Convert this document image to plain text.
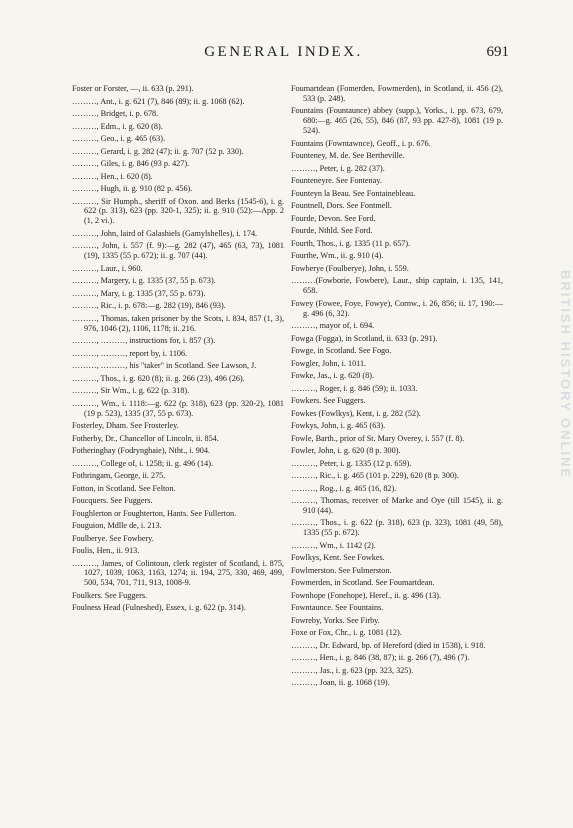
GENERAL INDEX.	691
Foster or Forster, —, ii. 633 (p. 291).
………, Ant., i. g. 621 (7), 846 (89); ii. g. 1068 (62).
………, Bridget, i. p. 678.
………, Edm., i. g. 620 (8).
………, Geo., i. g. 465 (63).
………, Gerard, i. g. 282 (47); ii. g. 707 (52 p. 330).
………, Giles, i. g. 846 (93 p. 427).
………, Hen., i. 620 (8).
………, Hugh, ii. g. 910 (82 p. 456).
………, Sir Humph., sheriff of Oxon. and Berks (1545-6), i. g. 622 (p. 313), 623 (pp. 320-1, 325); ii. g. 910 (52):—App. 2 (1, 2 vi.).
………, John, laird of Galashiels (Gamylshelles), i. 174.
………, John, i. 557 (f. 9):—g. 282 (47), 465 (63, 73), 1081 (19), 1335 (55 p. 672); ii. g. 707 (44).
………, Laur., i. 960.
………, Margery, i. g. 1335 (37, 55 p. 673).
………, Mary, i. g. 1335 (37, 55 p. 673).
………, Ric., i. p. 678:—g. 282 (19), 846 (93).
………, Thomas, taken prisoner by the Scots, i. 834, 857 (1, 3), 976, 1046 (2), 1106, 1178; ii. 216.
………, ………, instructions for, i. 857 (3).
………, ………, report by, i. 1106.
………, ………, his "taker" in Scotland. See Lawson, J.
………, Thos., i. g. 620 (8); ii. g. 266 (23), 496 (26).
………, Sir Wm., i. g. 622 (p. 318).
………, Wm., i. 1118:—g. 622 (p. 318), 623 (pp. 320-2), 1081 (19 p. 523), 1335 (37, 55 p. 673).
Fosterley, Dham. See Frosterley.
Fotherby, Dr., Chancellor of Lincoln, ii. 854.
Fotheringhay (Fodrynghaie), Ntht., i. 904.
………, College of, i. 1258; ii. g. 496 (14).
Fothringam, George, ii. 275.
Fotton, in Scotland. See Felton.
Foucquers. See Fuggers.
Foughlerton or Foughterton, Hants. See Fullerton.
Fouguion, Mdlle de, i. 213.
Foulberye. See Fowbery.
Foulis, Hen., ii. 913.
………, James, of Colintoun, clerk register of Scotland, i. 875, 1027, 1039, 1063, 1163, 1274; ii. 194, 275, 330, 469, 499, 500, 534, 701, 711, 913, 1008-9.
Foulkers. See Fuggers.
Foulness Head (Fulneshed), Essex, i. g. 622 (p. 314).
Foumartdean (Fomerden, Fowmerden), in Scotland, ii. 456 (2), 533 (p. 248).
Fountains (Fountaunce) abbey (supp.), Yorks., i. pp. 673, 679, 680:—g. 465 (26, 55), 846 (87, 93 pp. 427-8), 1081 (19 p. 524).
Fountains (Fowntawnce), Geoff., i. p. 676.
Founteney, M. de. See Bertheville.
………, Peter, i. g. 282 (37).
Founteneyre. See Fontenay.
Founteyn la Beau. See Fontainebleau.
Fountnell, Dors. See Fontmell.
Fourde, Devon. See Ford.
Fourde, Nthld. See Ford.
Fourth, Thos., i. g. 1335 (11 p. 657).
Fourthe, Wm., ii. g. 910 (4).
Fowberye (Foulberye), John, i. 559.
………(Fowborie, Fowbere), Laur., ship captain, i. 135, 141, 658.
Fowey (Fowee, Foye, Fowye), Cornw., i. 26, 856; ii. 17, 190:—g. 496 (6, 32).
………, mayor of, i. 694.
Fowga (Fogga), in Scotland, ii. 633 (p. 291).
Fowge, in Scotland. See Fogo.
Fowgler, John, i. 1011.
Fowke, Jas., i. g. 620 (8).
………, Roger, i. g. 846 (59); ii. 1033.
Fowkers. See Fuggers.
Fowkes (Fowlkys), Kent, i. g. 282 (52).
Fowkys, John, i. g. 465 (63).
Fowle, Barth., prior of St. Mary Overey, i. 557 (f. 8).
Fowler, John, i. g. 620 (8 p. 300).
………, Peter, i. g. 1335 (12 p. 659).
………, Ric., i. g. 465 (101 p. 229), 620 (8 p. 300).
………, Rog., i. g. 465 (16, 82).
………, Thomas, receiver of Marke and Oye (till 1545), ii. g. 910 (44).
………, Thos., i. g. 622 (p. 318), 623 (p. 323), 1081 (49, 58), 1335 (55 p. 672).
………, Wm., i. 1142 (2).
Fowlkys, Kent. See Fowkes.
Fowlmerston. See Fulmerston.
Fowmerden, in Scotland. See Foumartdean.
Fownhope (Fonehope), Heref., ii. g. 496 (13).
Fowntaunce. See Fountains.
Fowreby, Yorks. See Firby.
Foxe or Fox, Chr., i. g. 1081 (12).
………, Dr. Edward, bp. of Hereford (died in 1538), i. 918.
………, Hen., i. g. 846 (38, 87); ii. g. 266 (7), 496 (7).
………, Jas., i. g. 623 (pp. 323, 325).
………, Joan, ii. g. 1068 (19).
BRITISH HISTORY ONLINE
